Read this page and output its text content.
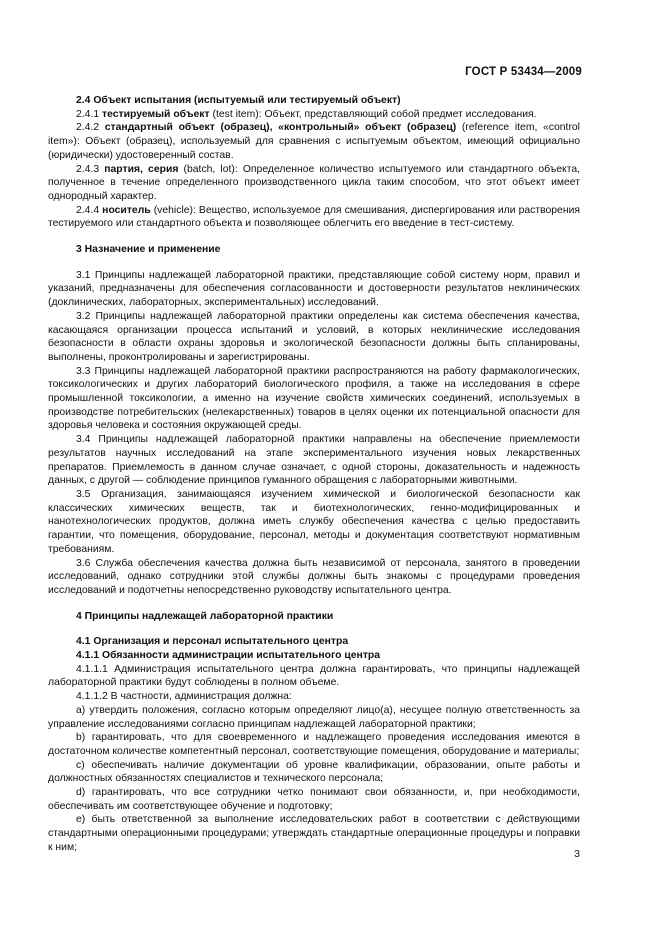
ГОСТ Р 53434—2009

2.4 Объект испытания (испытуемый или тестируемый объект)

2.4.1 тестируемый объект (test item): Объект, представляющий собой предмет исследования.

2.4.2 стандартный объект (образец), «контрольный» объект (образец) (reference item, «control item»): Объект (образец), используемый для сравнения с испытуемым объектом, имеющий официально (юридически) удостоверенный состав.

2.4.3 партия, серия (batch, lot): Определенное количество испытуемого или стандартного объекта, полученное в течение определенного производственного цикла таким способом, что этот объект имеет однородный характер.

2.4.4 носитель (vehicle): Вещество, используемое для смешивания, диспергирования или растворения тестируемого или стандартного объекта и позволяющее облегчить его введение в тест-систему.

3 Назначение и применение

3.1 Принципы надлежащей лабораторной практики, представляющие собой систему норм, правил и указаний, предназначены для обеспечения согласованности и достоверности результатов неклинических (доклинических, лабораторных, экспериментальных) исследований.

3.2 Принципы надлежащей лабораторной практики определены как система обеспечения качества, касающаяся организации процесса испытаний и условий, в которых неклинические исследования безопасности в области охраны здоровья и экологической безопасности должны быть спланированы, выполнены, проконтролированы и зарегистрированы.

3.3 Принципы надлежащей лабораторной практики распространяются на работу фармакологических, токсикологических и других лабораторий биологического профиля, а также на исследования в сфере промышленной токсикологии, а именно на изучение свойств химических соединений, используемых в производстве потребительских (нелекарственных) товаров в целях оценки их потенциальной опасности для здоровья человека и состояния окружающей среды.

3.4 Принципы надлежащей лабораторной практики направлены на обеспечение приемлемости результатов научных исследований на этапе экспериментального изучения новых лекарственных препаратов. Приемлемость в данном случае означает, с одной стороны, доказательность и надежность данных, с другой — соблюдение принципов гуманного обращения с лабораторными животными.

3.5 Организация, занимающаяся изучением химической и биологической безопасности как классических химических веществ, так и биотехнологических, генно-модифицированных и нанотехнологических продуктов, должна иметь службу обеспечения качества с целью предоставить гарантии, что помещения, оборудование, персонал, методы и документация соответствуют нормативным требованиям.

3.6 Служба обеспечения качества должна быть независимой от персонала, занятого в проведении исследований, однако сотрудники этой службы должны быть знакомы с процедурами проведения исследований и подотчетны непосредственно руководству испытательного центра.

4 Принципы надлежащей лабораторной практики

4.1 Организация и персонал испытательного центра

4.1.1 Обязанности администрации испытательного центра

4.1.1.1 Администрация испытательного центра должна гарантировать, что принципы надлежащей лабораторной практики будут соблюдены в полном объеме.

4.1.1.2 В частности, администрация должна:

a) утвердить положения, согласно которым определяют лицо(а), несущее полную ответственность за управление исследованиями согласно принципам надлежащей лабораторной практики;

b) гарантировать, что для своевременного и надлежащего проведения исследования имеются в достаточном количестве компетентный персонал, соответствующие помещения, оборудование и материалы;

c) обеспечивать наличие документации об уровне квалификации, образовании, опыте работы и должностных обязанностях специалистов и технического персонала;

d) гарантировать, что все сотрудники четко понимают свои обязанности, и, при необходимости, обеспечивать им соответствующее обучение и подготовку;

e) быть ответственной за выполнение исследовательских работ в соответствии с действующими стандартными операционными процедурами; утверждать стандартные операционные процедуры и поправки к ним;

3
